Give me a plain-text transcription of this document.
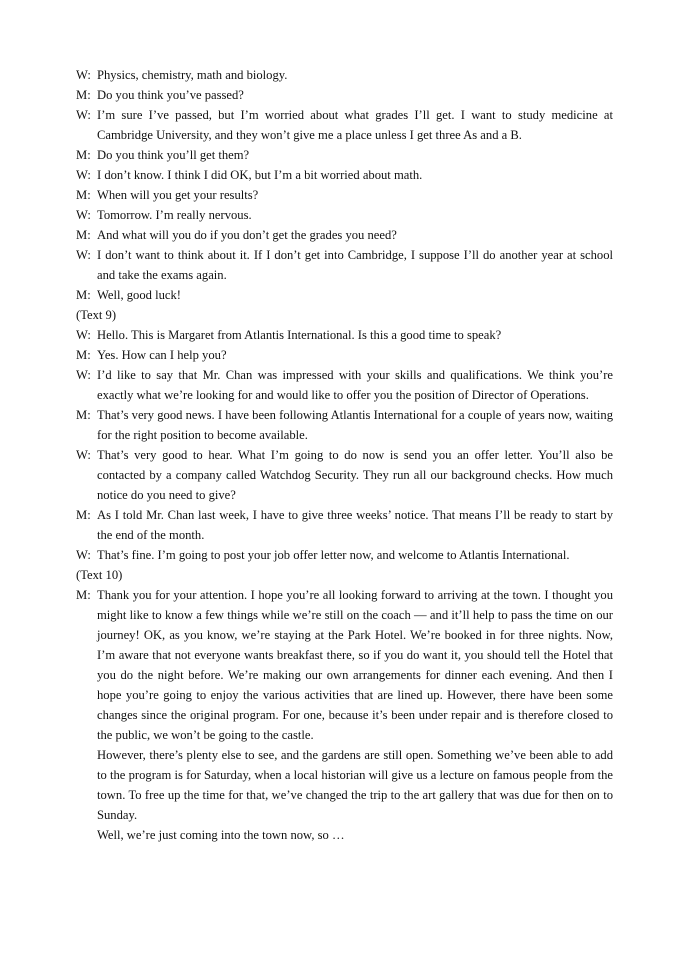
W: Physics, chemistry, math and biology.
M: Do you think you’ve passed?
W: I’m sure I’ve passed, but I’m worried about what grades I’ll get. I want to study medicine at Cambridge University, and they won’t give me a place unless I get three As and a B.
M: Do you think you’ll get them?
W: I don’t know. I think I did OK, but I’m a bit worried about math.
M: When will you get your results?
W: Tomorrow. I’m really nervous.
M: And what will you do if you don’t get the grades you need?
W: I don’t want to think about it. If I don’t get into Cambridge, I suppose I’ll do another year at school and take the exams again.
M: Well, good luck!
(Text 9)
W: Hello. This is Margaret from Atlantis International. Is this a good time to speak?
M: Yes. How can I help you?
W: I’d like to say that Mr. Chan was impressed with your skills and qualifications. We think you’re exactly what we’re looking for and would like to offer you the position of Director of Operations.
M: That’s very good news. I have been following Atlantis International for a couple of years now, waiting for the right position to become available.
W: That’s very good to hear. What I’m going to do now is send you an offer letter. You’ll also be contacted by a company called Watchdog Security. They run all our background checks. How much notice do you need to give?
M: As I told Mr. Chan last week, I have to give three weeks’ notice. That means I’ll be ready to start by the end of the month.
W: That’s fine. I’m going to post your job offer letter now, and welcome to Atlantis International.
(Text 10)
M: Thank you for your attention. I hope you’re all looking forward to arriving at the town. I thought you might like to know a few things while we’re still on the coach — and it’ll help to pass the time on our journey! OK, as you know, we’re staying at the Park Hotel. We’re booked in for three nights. Now, I’m aware that not everyone wants breakfast there, so if you do want it, you should tell the Hotel that you do the night before. We’re making our own arrangements for dinner each evening. And then I hope you’re going to enjoy the various activities that are lined up. However, there have been some changes since the original program. For one, because it’s been under repair and is therefore closed to the public, we won’t be going to the castle.
However, there’s plenty else to see, and the gardens are still open. Something we’ve been able to add to the program is for Saturday, when a local historian will give us a lecture on famous people from the town. To free up the time for that, we’ve changed the trip to the art gallery that was due for then on to Sunday.
Well, we’re just coming into the town now, so …
